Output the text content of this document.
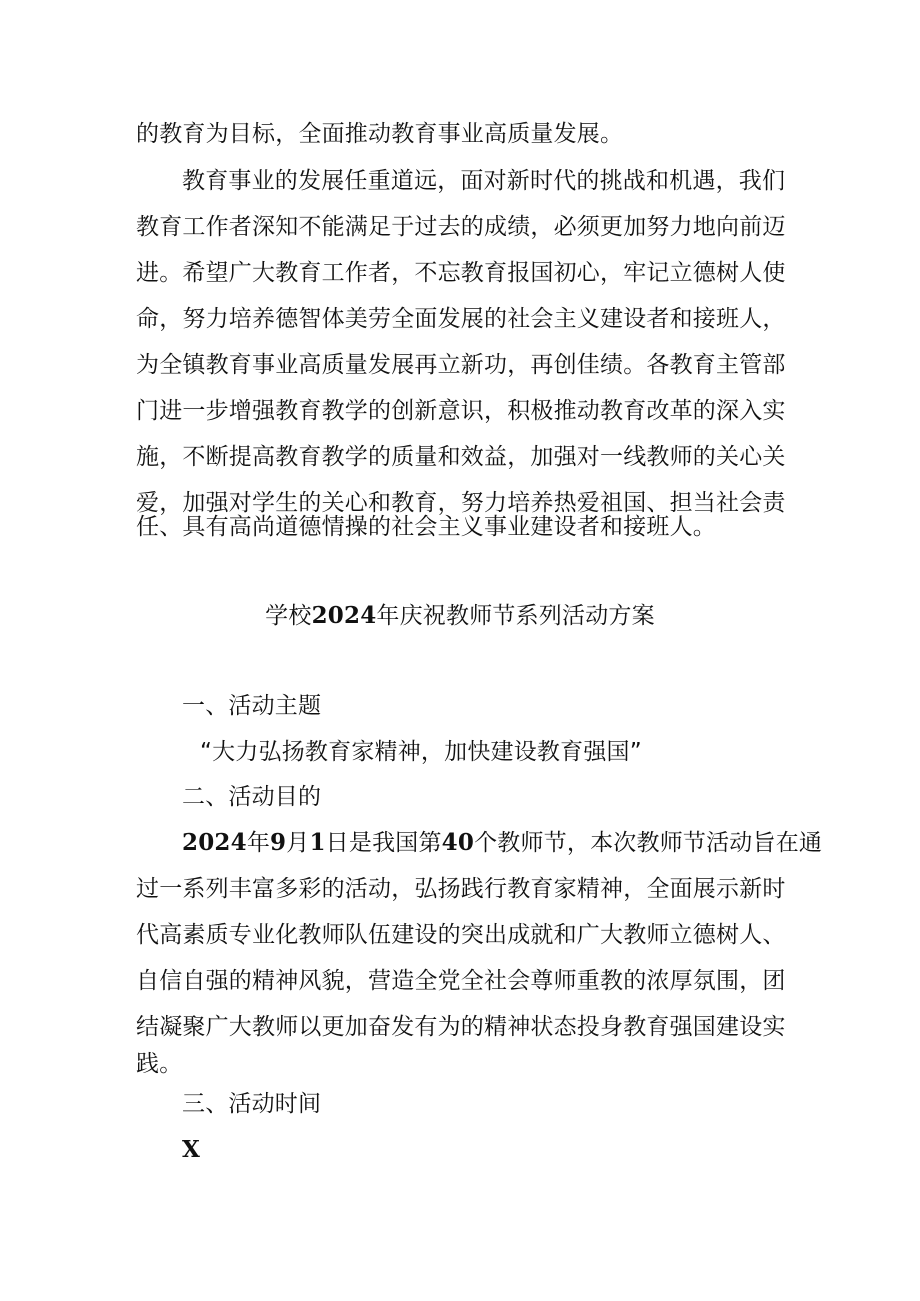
的教育为目标，全面推动教育事业高质量发展。
教育事业的发展任重道远，面对新时代的挑战和机遇，我们
教育工作者深知不能满足于过去的成绩，必须更加努力地向前迈
进。希望广大教育工作者，不忘教育报国初心，牢记立德树人使
命，努力培养德智体美劳全面发展的社会主义建设者和接班人，
为全镇教育事业高质量发展再立新功，再创佳绩。各教育主管部
门进一步增强教育教学的创新意识，积极推动教育改革的深入实
施，不断提高教育教学的质量和效益，加强对一线教师的关心关
爱，加强对学生的关心和教育，努力培养热爱祖国、担当社会责
任、具有高尚道德情操的社会主义事业建设者和接班人。
学校2024年庆祝教师节系列活动方案
一、活动主题
“大力弘扬教育家精神，加快建设教育强国”
二、活动目的
2024年9月1日是我国第40个教师节，本次教师节活动旨在通
过一系列丰富多彩的活动，弘扬践行教育家精神，全面展示新时
代高素质专业化教师队伍建设的突出成就和广大教师立德树人、
自信自强的精神风貌，营造全党全社会尊师重教的浓厚氛围，团
结凝聚广大教师以更加奋发有为的精神状态投身教育强国建设实
践。
三、活动时间
X
